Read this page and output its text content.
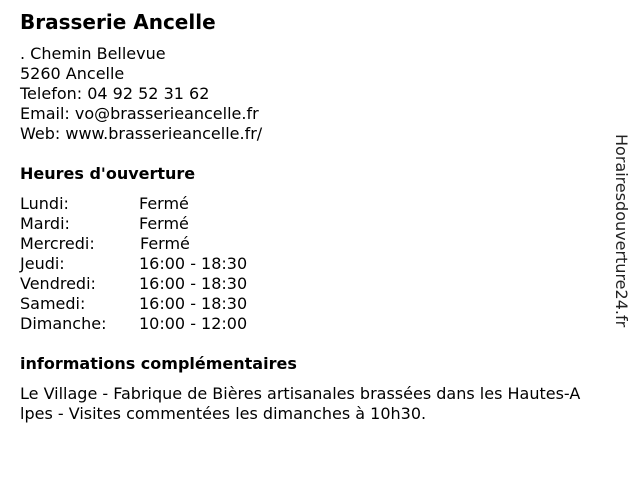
Brasserie Ancelle
. Chemin Bellevue
5260 Ancelle
Telefon: 04 92 52 31 62
Email: vo@brasserieancelle.fr
Web: www.brasserieancelle.fr/
Heures d'ouverture
Lundi:	Fermé
Mardi:	Fermé
Mercredi:	Fermé
Jeudi:	16:00 - 18:30
Vendredi:	16:00 - 18:30
Samedi:	16:00 - 18:30
Dimanche: 10:00 - 12:00
informations complémentaires
Le Village - Fabrique de Bières artisanales brassées dans les Hautes-A
lpes - Visites commentées les dimanches à 10h30.
Horairesdouverture24.fr
